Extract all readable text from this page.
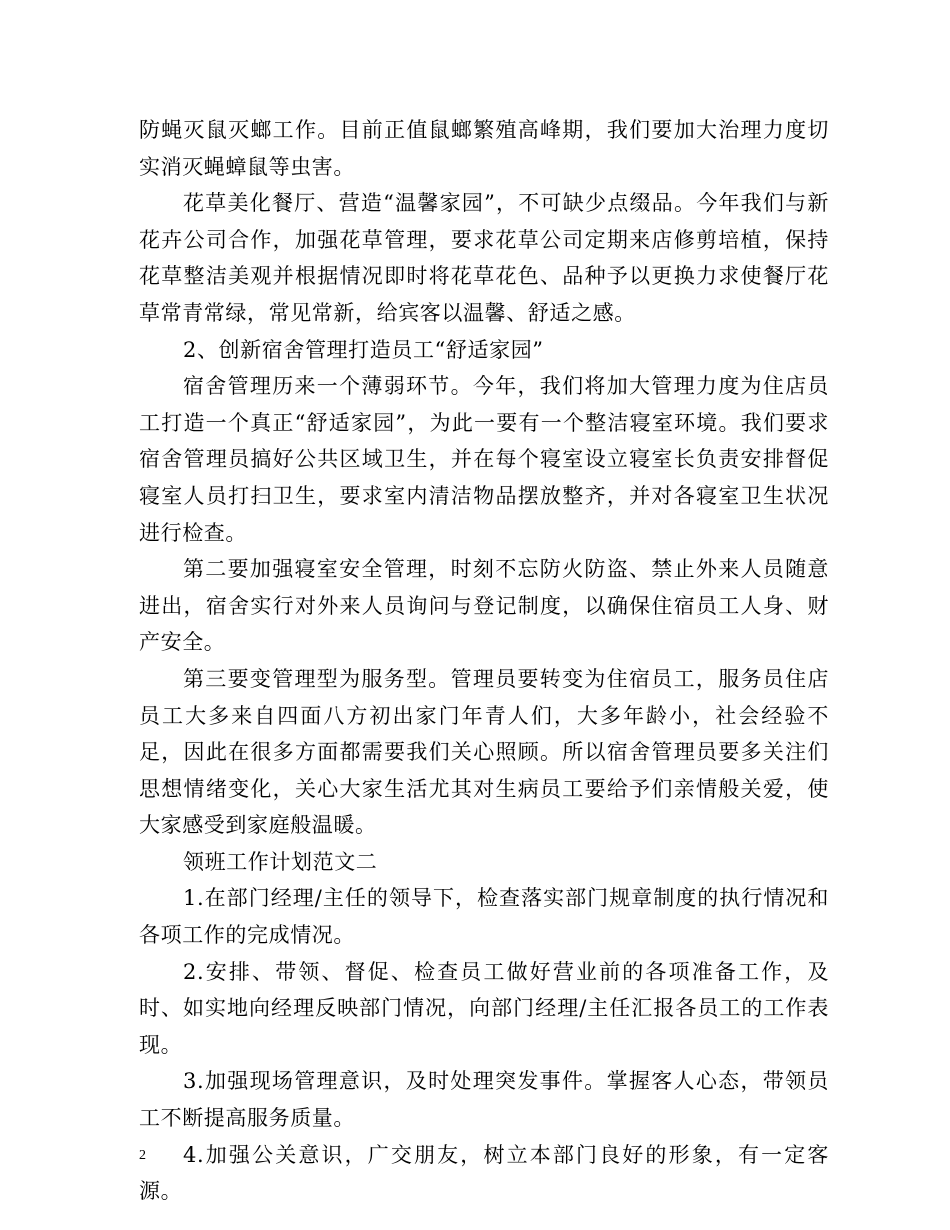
防蝇灭鼠灭螂工作。目前正值鼠螂繁殖高峰期，我们要加大治理力度切实消灭蝇蟑鼠等虫害。

花草美化餐厅、营造“温馨家园”，不可缺少点缀品。今年我们与新花卉公司合作，加强花草管理，要求花草公司定期来店修剪培植，保持花草整洁美观并根据情况即时将花草花色、品种予以更换力求使餐厅花草常青常绿，常见常新，给宾客以温馨、舒适之感。

2、创新宿舍管理打造员工“舒适家园”

宿舍管理历来一个薄弱环节。今年，我们将加大管理力度为住店员工打造一个真正“舒适家园”，为此一要有一个整洁寝室环境。我们要求宿舍管理员搞好公共区域卫生，并在每个寝室设立寝室长负责安排督促寝室人员打扫卫生，要求室内清洁物品摆放整齐，并对各寝室卫生状况进行检查。

第二要加强寝室安全管理，时刻不忘防火防盗、禁止外来人员随意进出，宿舍实行对外来人员询问与登记制度，以确保住宿员工人身、财产安全。

第三要变管理型为服务型。管理员要转变为住宿员工，服务员住店员工大多来自四面八方初出家门年青人们，大多年龄小，社会经验不足，因此在很多方面都需要我们关心照顾。所以宿舍管理员要多关注们思想情绪变化，关心大家生活尤其对生病员工要给予们亲情般关爱，使大家感受到家庭般温暖。

领班工作计划范文二

1.在部门经理/主任的领导下，检查落实部门规章制度的执行情况和各项工作的完成情况。

2.安排、带领、督促、检查员工做好营业前的各项准备工作，及时、如实地向经理反映部门情况，向部门经理/主任汇报各员工的工作表现。

3.加强现场管理意识，及时处理突发事件。掌握客人心态，带领员工不断提高服务质量。

4.加强公关意识，广交朋友，树立本部门良好的形象，有一定客源。

2
